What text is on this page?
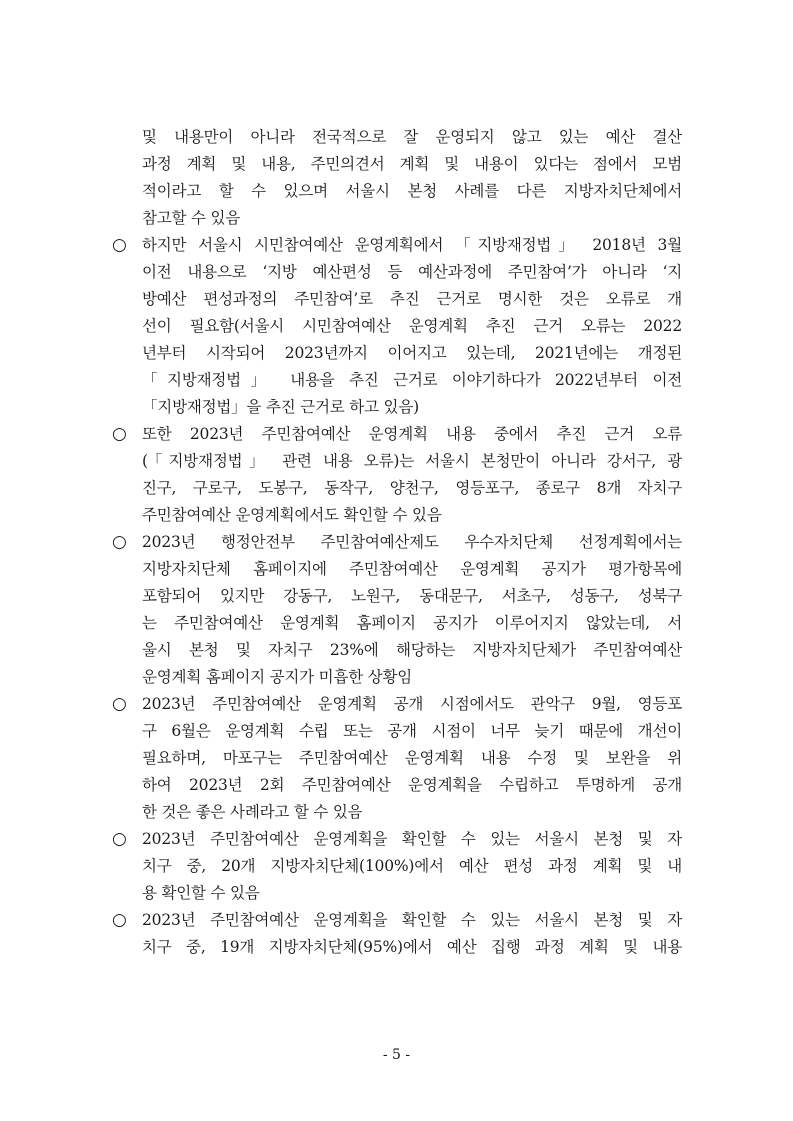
및 내용만이 아니라 전국적으로 잘 운영되지 않고 있는 예산 결산
과정 계획 및 내용, 주민의견서 계획 및 내용이 있다는 점에서 모범
적이라고 할 수 있으며 서울시 본청 사례를 다른 지방자치단체에서
참고할 수 있음
○ 하지만 서울시 시민참여예산 운영계획에서 「지방재정법」 2018년 3월
이전 내용으로 ‘지방 예산편성 등 예산과정에 주민참여’가 아니라 ‘지
방예산 편성과정의 주민참여’로 추진 근거로 명시한 것은 오류로 개
선이 필요함(서울시 시민참여예산 운영계획 추진 근거 오류는 2022
년부터 시작되어 2023년까지 이어지고 있는데, 2021년에는 개정된
「지방재정법」 내용을 추진 근거로 이야기하다가 2022년부터 이전
「지방재정법」을 추진 근거로 하고 있음)
○ 또한 2023년 주민참여예산 운영계획 내용 중에서 추진 근거 오류
(「지방재정법」 관련 내용 오류)는 서울시 본청만이 아니라 강서구, 광
진구, 구로구, 도봉구, 동작구, 양천구, 영등포구, 종로구 8개 자치구
주민참여예산 운영계획에서도 확인할 수 있음
○ 2023년 행정안전부 주민참여예산제도 우수자치단체 선정계획에서는
지방자치단체 홈페이지에 주민참여예산 운영계획 공지가 평가항목에
포함되어 있지만 강동구, 노원구, 동대문구, 서초구, 성동구, 성북구
는 주민참여예산 운영계획 홈페이지 공지가 이루어지지 않았는데, 서
울시 본청 및 자치구 23%에 해당하는 지방자치단체가 주민참여예산
운영계획 홈페이지 공지가 미흡한 상황임
○ 2023년 주민참여예산 운영계획 공개 시점에서도 관악구 9월, 영등포
구 6월은 운영계획 수립 또는 공개 시점이 너무 늦기 때문에 개선이
필요하며, 마포구는 주민참여예산 운영계획 내용 수정 및 보완을 위
하여 2023년 2회 주민참여예산 운영계획을 수립하고 투명하게 공개
한 것은 좋은 사례라고 할 수 있음
○ 2023년 주민참여예산 운영계획을 확인할 수 있는 서울시 본청 및 자
치구 중, 20개 지방자치단체(100%)에서 예산 편성 과정 계획 및 내
용 확인할 수 있음
○ 2023년 주민참여예산 운영계획을 확인할 수 있는 서울시 본청 및 자
치구 중, 19개 지방자치단체(95%)에서 예산 집행 과정 계획 및 내용
- 5 -
